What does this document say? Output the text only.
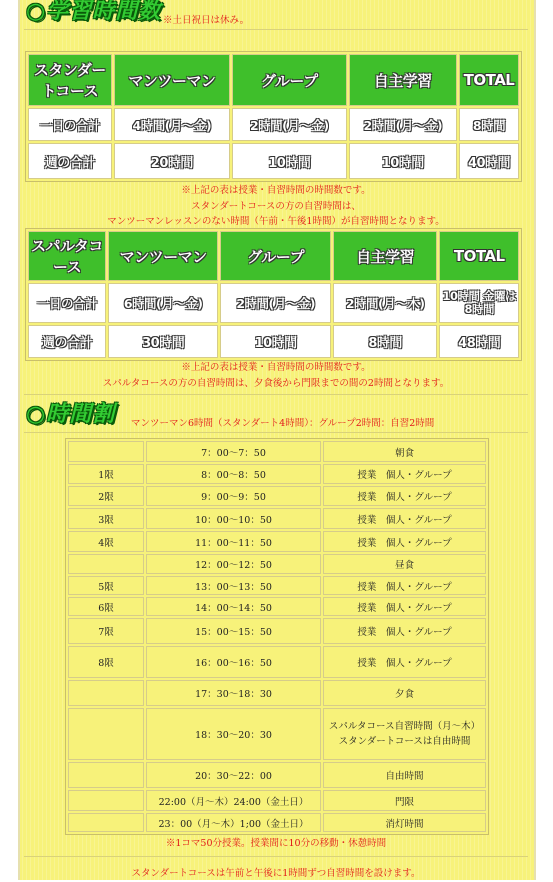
○学習時間数 ※土日祝日は休み。
スタンダートコース	マンツーマン	グループ	自主学習	TOTAL
一日の合計	4時間(月～金)	2時間(月～金)	2時間(月～金)	8時間
週の合計	20時間	10時間	10時間	40時間
※上記の表は授業・自習時間の時間数です。
スタンダートコースの方の自習時間は、
マンツーマンレッスンのない時間（午前・午後1時間）が自習時間となります。
スパルタコース	マンツーマン	グループ	自主学習	TOTAL
一日の合計	6時間(月～金)	2時間(月～金)	2時間(月～木)	10時間 金曜は8時間
週の合計	30時間	10時間	8時間	48時間
※上記の表は授業・自習時間の時間数です。
スパルタコースの方の自習時間は、夕食後から門限までの間の2時間となります。
○時間割 マンツーマン6時間（スタンダート4時間）：グループ2時間：自習2時間
	7：00～7：50	朝食
1限	8：00～8：50	授業　個人・グループ
2限	9：00～9：50	授業　個人・グループ
3限	10：00～10：50	授業　個人・グループ
4限	11：00～11：50	授業　個人・グループ
	12：00～12：50	昼食
5限	13：00～13：50	授業　個人・グループ
6限	14：00～14：50	授業　個人・グループ
7限	15：00～15：50	授業　個人・グループ
8限	16：00～16：50	授業　個人・グループ
	17：30～18：30	夕食
	18：30～20：30	スパルタコース自習時間（月～木）
スタンダートコースは自由時間
	20：30～22：00	自由時間
	22:00（月～木）24:00（金土日）	門限
	23：00（月～木）1;00（金土日）	消灯時間
※1コマ50分授業。授業間に10分の移動・休憩時間
スタンダートコースは午前と午後に1時間ずつ自習時間を設けます。
